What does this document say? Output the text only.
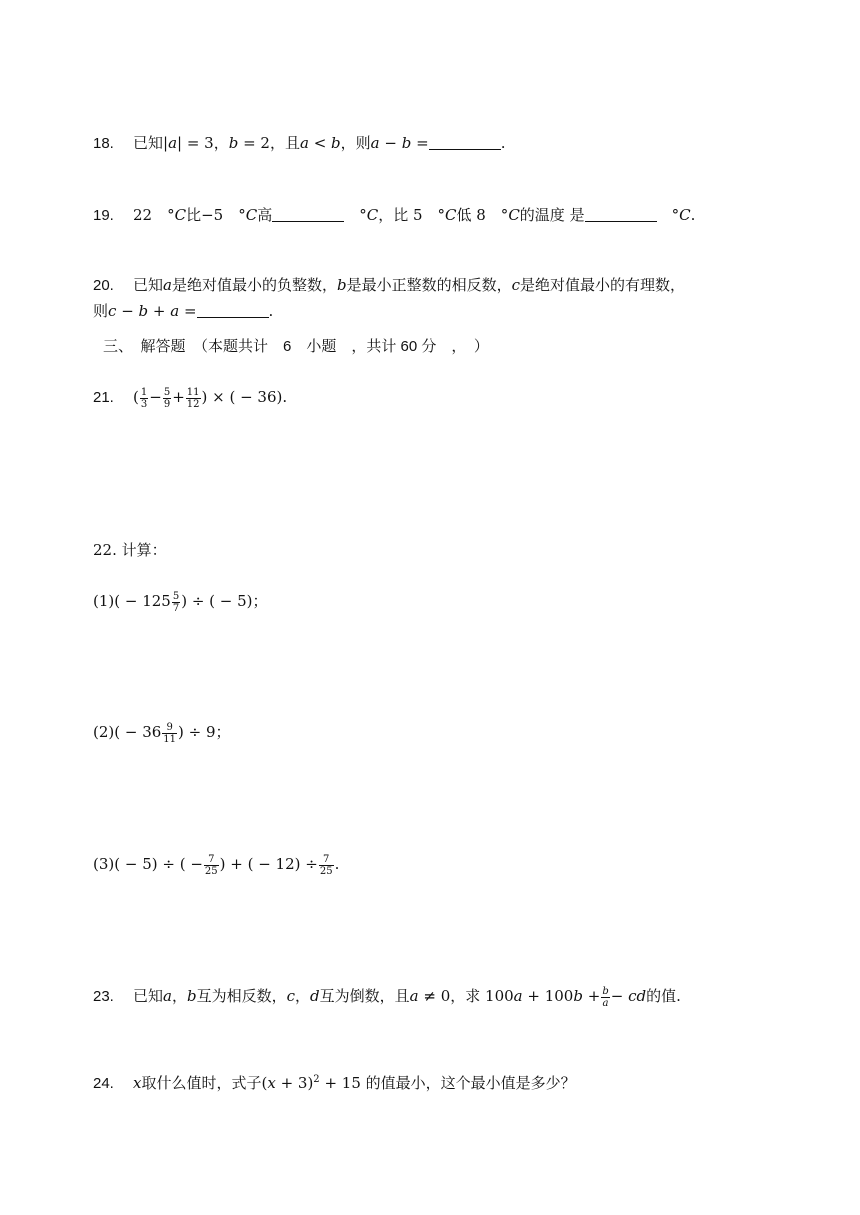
18. 已知|a| = 3，b = 2，且a < b，则a − b =	.
19. 22　°C比−5　°C高	　°C，比 5　°C低 8　°C的温度 是	　°C.
20. 已知a是绝对值最小的负整数，b是最小正整数的相反数，c是绝对值最小的有理数，
则c − b + a =	.
三、　解答题　（本题共计　6　小题　，共计 60 分　，　）
21. ( $\frac{1}{3} - \frac{5}{9} + \frac{11}{12}$ ) × ( − 36).
22. 计算：
$(1)( - 125 \frac{5}{7}$ ) ÷ ( − 5)；
$(2)( - 36 \frac{9}{11}$ ) ÷ 9；
(3)( − 5) ÷ ( − $\frac{7}{25}$ ) + ( − $12) \div \frac{7}{25}$ .
23. 已知a，b互为相反数，c，d互为倒数，且a ≠ 0，求 $100a + 100b + \frac{b}{a}$ − cd的值.
24. x取什么值时，式子$(x + 3)^2 + 15$ 的值最小，这个最小值是多少？
